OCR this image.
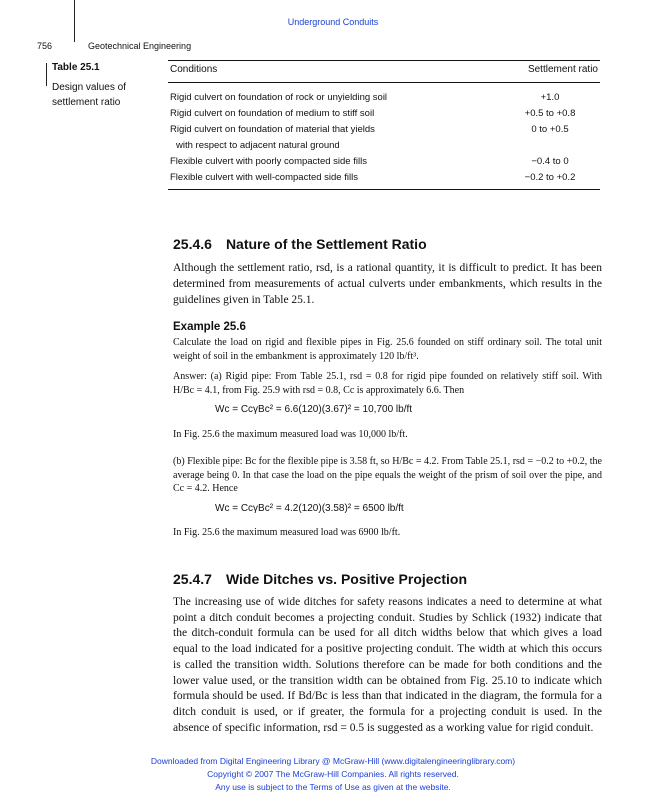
Underground Conduits
756	Geotechnical Engineering
Table 25.1
Design values of settlement ratio
Conditions	Settlement ratio
Rigid culvert on foundation of rock or unyielding soil	+1.0
Rigid culvert on foundation of medium to stiff soil	+0.5 to +0.8
Rigid culvert on foundation of material that yields	0 to +0.5
with respect to adjacent natural ground
Flexible culvert with poorly compacted side fills	−0.4 to 0
Flexible culvert with well-compacted side fills	−0.2 to +0.2
25.4.6 Nature of the Settlement Ratio
Although the settlement ratio, rsd, is a rational quantity, it is difficult to predict. It has been determined from measurements of actual culverts under embankments, which results in the guidelines given in Table 25.1.
Example 25.6
Calculate the load on rigid and flexible pipes in Fig. 25.6 founded on stiff ordinary soil. The total unit weight of soil in the embankment is approximately 120 lb/ft³.
Answer: (a) Rigid pipe: From Table 25.1, rsd = 0.8 for rigid pipe founded on relatively stiff soil. With H/Bc = 4.1, from Fig. 25.9 with rsd = 0.8, Cc is approximately 6.6. Then
Wc = CcγBc² = 6.6(120)(3.67)² = 10,700 lb/ft
In Fig. 25.6 the maximum measured load was 10,000 lb/ft.
(b) Flexible pipe: Bc for the flexible pipe is 3.58 ft, so H/Bc = 4.2. From Table 25.1, rsd = −0.2 to +0.2, the average being 0. In that case the load on the pipe equals the weight of the prism of soil over the pipe, and Cc = 4.2. Hence
Wc = CcγBc² = 4.2(120)(3.58)² = 6500 lb/ft
In Fig. 25.6 the maximum measured load was 6900 lb/ft.
25.4.7 Wide Ditches vs. Positive Projection
The increasing use of wide ditches for safety reasons indicates a need to determine at what point a ditch conduit becomes a projecting conduit. Studies by Schlick (1932) indicate that the ditch-conduit formula can be used for all ditch widths below that which gives a load equal to the load indicated for a positive projecting conduit. The width at which this occurs is called the transition width. Solutions therefore can be made for both conditions and the lower value used, or the transition width can be obtained from Fig. 25.10 to indicate which formula should be used. If Bd/Bc is less than that indicated in the diagram, the formula for a ditch conduit is used, or if greater, the formula for a projecting conduit is used. In the absence of specific information, rsd = 0.5 is suggested as a working value for rigid conduit.
Downloaded from Digital Engineering Library @ McGraw-Hill (www.digitalengineeringlibrary.com)
Copyright © 2007 The McGraw-Hill Companies. All rights reserved.
Any use is subject to the Terms of Use as given at the website.
